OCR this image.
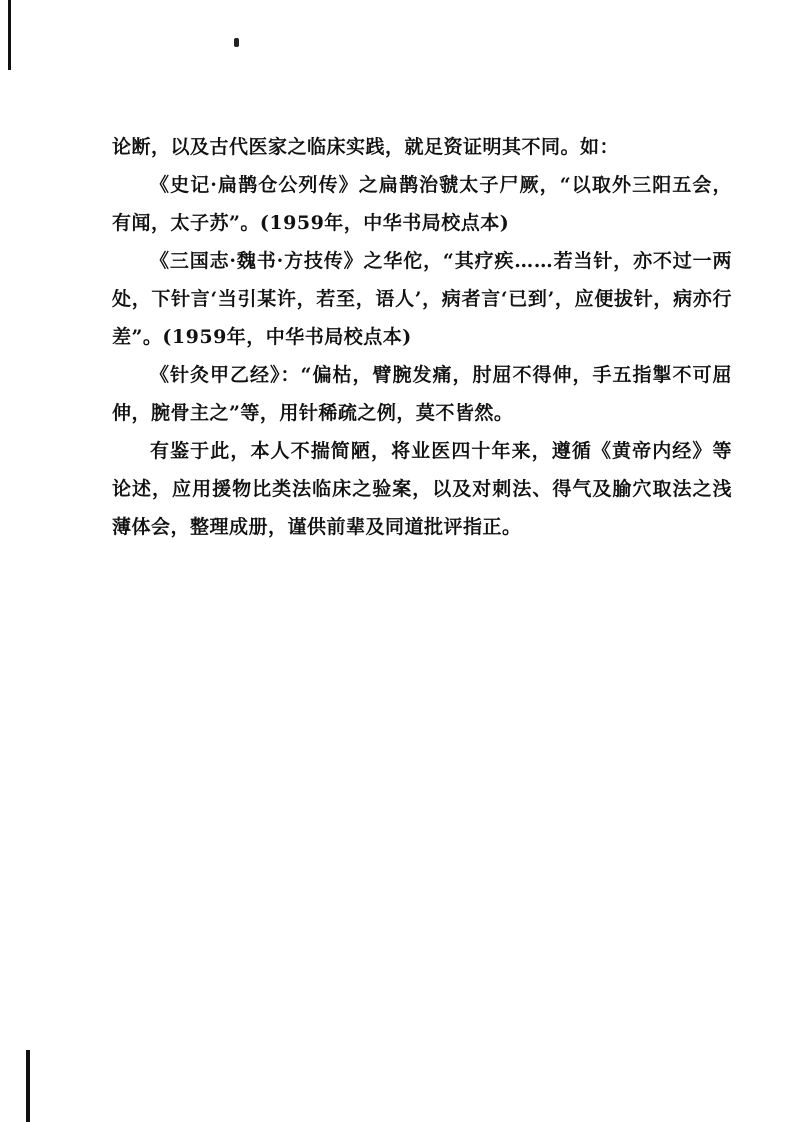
论断，以及古代医家之临床实践，就足资证明其不同。如：

《史记·扁鹊仓公列传》之扁鹊治虢太子尸厥，“以取外三阳五会，有闻，太子苏”。(1959年，中华书局校点本)

《三国志·魏书·方技传》之华佗，“其疗疾……若当针，亦不过一两处，下针言‘当引某许，若至，语人’，病者言‘已到’，应便拔针，病亦行差”。(1959年，中华书局校点本)

《针灸甲乙经》：“偏枯，臂腕发痛，肘屈不得伸，手五指掣不可屈伸，腕骨主之”等，用针稀疏之例，莫不皆然。

有鉴于此，本人不揣简陋，将业医四十年来，遵循《黄帝内经》等论述，应用援物比类法临床之验案，以及对刺法、得气及腧穴取法之浅薄体会，整理成册，谨供前辈及同道批评指正。
